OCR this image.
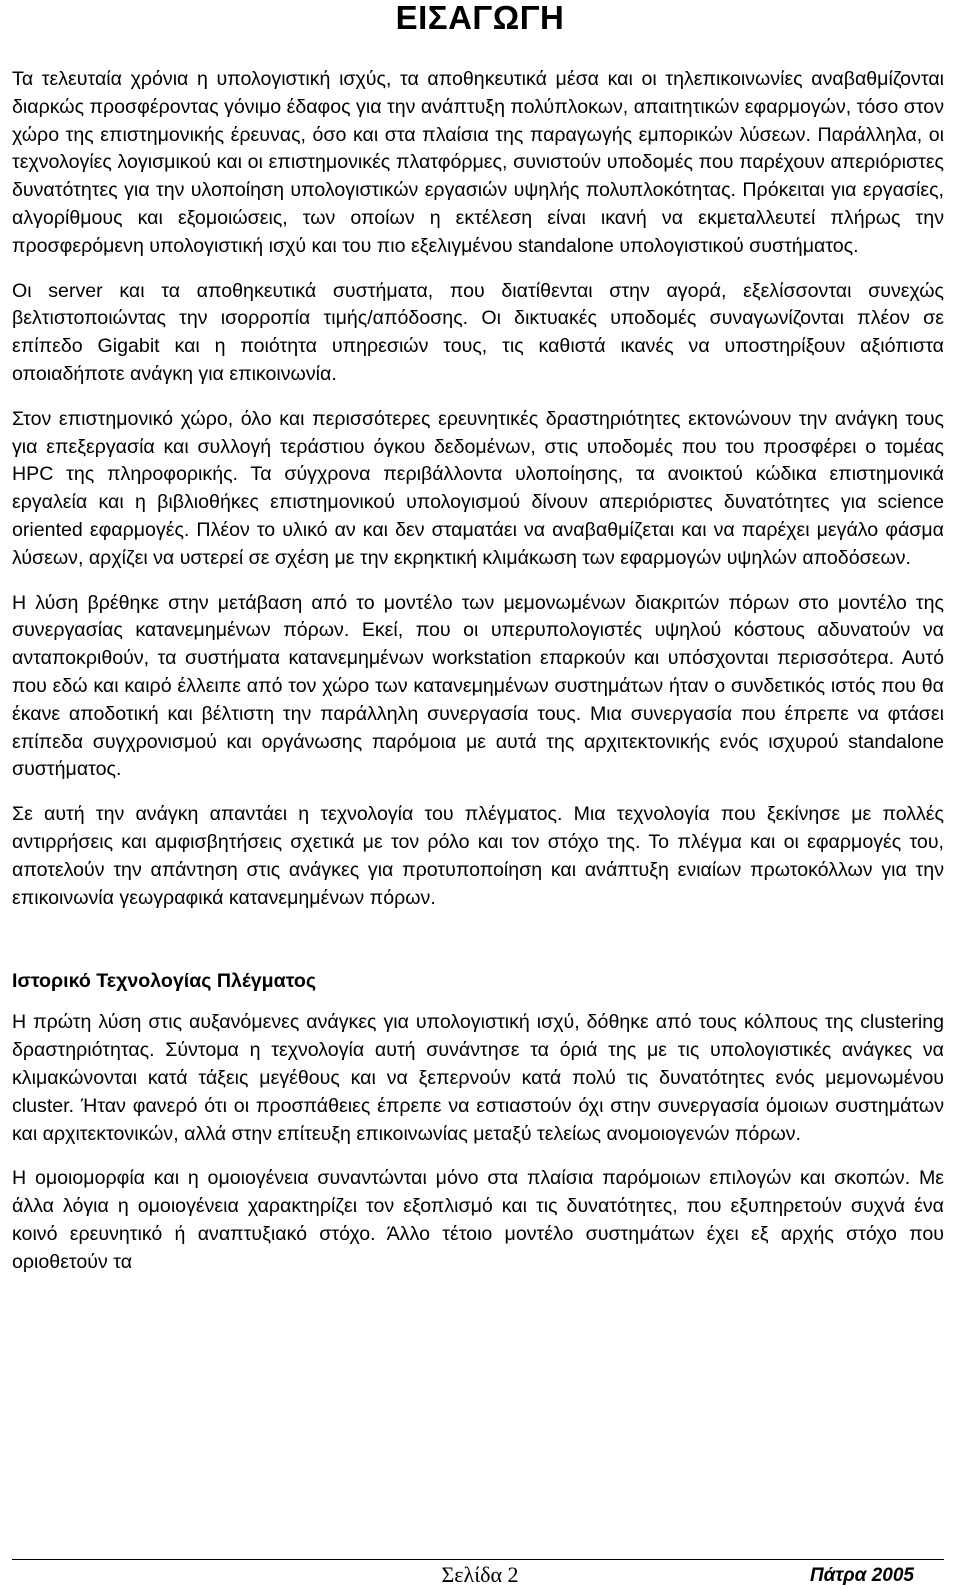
ΕΙΣΑΓΩΓΗ

Τα τελευταία χρόνια η υπολογιστική ισχύς, τα αποθηκευτικά μέσα και οι τηλεπικοινωνίες αναβαθμίζονται διαρκώς προσφέροντας γόνιμο έδαφος για την ανάπτυξη πολύπλοκων, απαιτητικών εφαρμογών, τόσο στον χώρο της επιστημονικής έρευνας, όσο και στα πλαίσια της παραγωγής εμπορικών λύσεων. Παράλληλα, οι τεχνολογίες λογισμικού και οι επιστημονικές πλατφόρμες, συνιστούν υποδομές που παρέχουν απεριόριστες δυνατότητες για την υλοποίηση υπολογιστικών εργασιών υψηλής πολυπλοκότητας. Πρόκειται για εργασίες, αλγορίθμους και εξομοιώσεις, των οποίων η εκτέλεση είναι ικανή να εκμεταλλευτεί πλήρως την προσφερόμενη υπολογιστική ισχύ και του πιο εξελιγμένου standalone υπολογιστικού συστήματος.

Οι server και τα αποθηκευτικά συστήματα, που διατίθενται στην αγορά, εξελίσσονται συνεχώς βελτιστοποιώντας την ισορροπία τιμής/απόδοσης. Οι δικτυακές υποδομές συναγωνίζονται πλέον σε επίπεδο Gigabit και η ποιότητα υπηρεσιών τους, τις καθιστά ικανές να υποστηρίξουν αξιόπιστα οποιαδήποτε ανάγκη για επικοινωνία.

Στον επιστημονικό χώρο, όλο και περισσότερες ερευνητικές δραστηριότητες εκτονώνουν την ανάγκη τους για επεξεργασία και συλλογή τεράστιου όγκου δεδομένων, στις υποδομές που του προσφέρει ο τομέας HPC της πληροφορικής. Τα σύγχρονα περιβάλλοντα υλοποίησης, τα ανοικτού κώδικα επιστημονικά εργαλεία και η βιβλιοθήκες επιστημονικού υπολογισμού δίνουν απεριόριστες δυνατότητες για science oriented εφαρμογές. Πλέον το υλικό αν και δεν σταματάει να αναβαθμίζεται και να παρέχει μεγάλο φάσμα λύσεων, αρχίζει να υστερεί σε σχέση με την εκρηκτική κλιμάκωση των εφαρμογών υψηλών αποδόσεων.

Η λύση βρέθηκε στην μετάβαση από το μοντέλο των μεμονωμένων διακριτών πόρων στο μοντέλο της συνεργασίας κατανεμημένων πόρων. Εκεί, που οι υπερυπολογιστές υψηλού κόστους αδυνατούν να ανταποκριθούν, τα συστήματα κατανεμημένων workstation επαρκούν και υπόσχονται περισσότερα. Αυτό που εδώ και καιρό έλλειπε από τον χώρο των κατανεμημένων συστημάτων ήταν ο συνδετικός ιστός που θα έκανε αποδοτική και βέλτιστη την παράλληλη συνεργασία τους. Μια συνεργασία που έπρεπε να φτάσει επίπεδα συγχρονισμού και οργάνωσης παρόμοια με αυτά της αρχιτεκτονικής ενός ισχυρού standalone συστήματος.

Σε αυτή την ανάγκη απαντάει η τεχνολογία του πλέγματος. Μια τεχνολογία που ξεκίνησε με πολλές αντιρρήσεις και αμφισβητήσεις σχετικά με τον ρόλο και τον στόχο της. Το πλέγμα και οι εφαρμογές του, αποτελούν την απάντηση στις ανάγκες για προτυποποίηση και ανάπτυξη ενιαίων πρωτοκόλλων για την επικοινωνία γεωγραφικά κατανεμημένων πόρων.

Ιστορικό Τεχνολογίας Πλέγματος

Η πρώτη λύση στις αυξανόμενες ανάγκες για υπολογιστική ισχύ, δόθηκε από τους κόλπους της clustering δραστηριότητας. Σύντομα η τεχνολογία αυτή συνάντησε τα όριά της με τις υπολογιστικές ανάγκες να κλιμακώνονται κατά τάξεις μεγέθους και να ξεπερνούν κατά πολύ τις δυνατότητες ενός μεμονωμένου cluster. Ήταν φανερό ότι οι προσπάθειες έπρεπε να εστιαστούν όχι στην συνεργασία όμοιων συστημάτων και αρχιτεκτονικών, αλλά στην επίτευξη επικοινωνίας μεταξύ τελείως ανομοιογενών πόρων.

Η ομοιομορφία και η ομοιογένεια συναντώνται μόνο στα πλαίσια παρόμοιων επιλογών και σκοπών. Με άλλα λόγια η ομοιογένεια χαρακτηρίζει τον εξοπλισμό και τις δυνατότητες, που εξυπηρετούν συχνά ένα κοινό ερευνητικό ή αναπτυξιακό στόχο. Άλλο τέτοιο μοντέλο συστημάτων έχει εξ αρχής στόχο που οριοθετούν τα

Σελίδα 2	Πάτρα 2005
